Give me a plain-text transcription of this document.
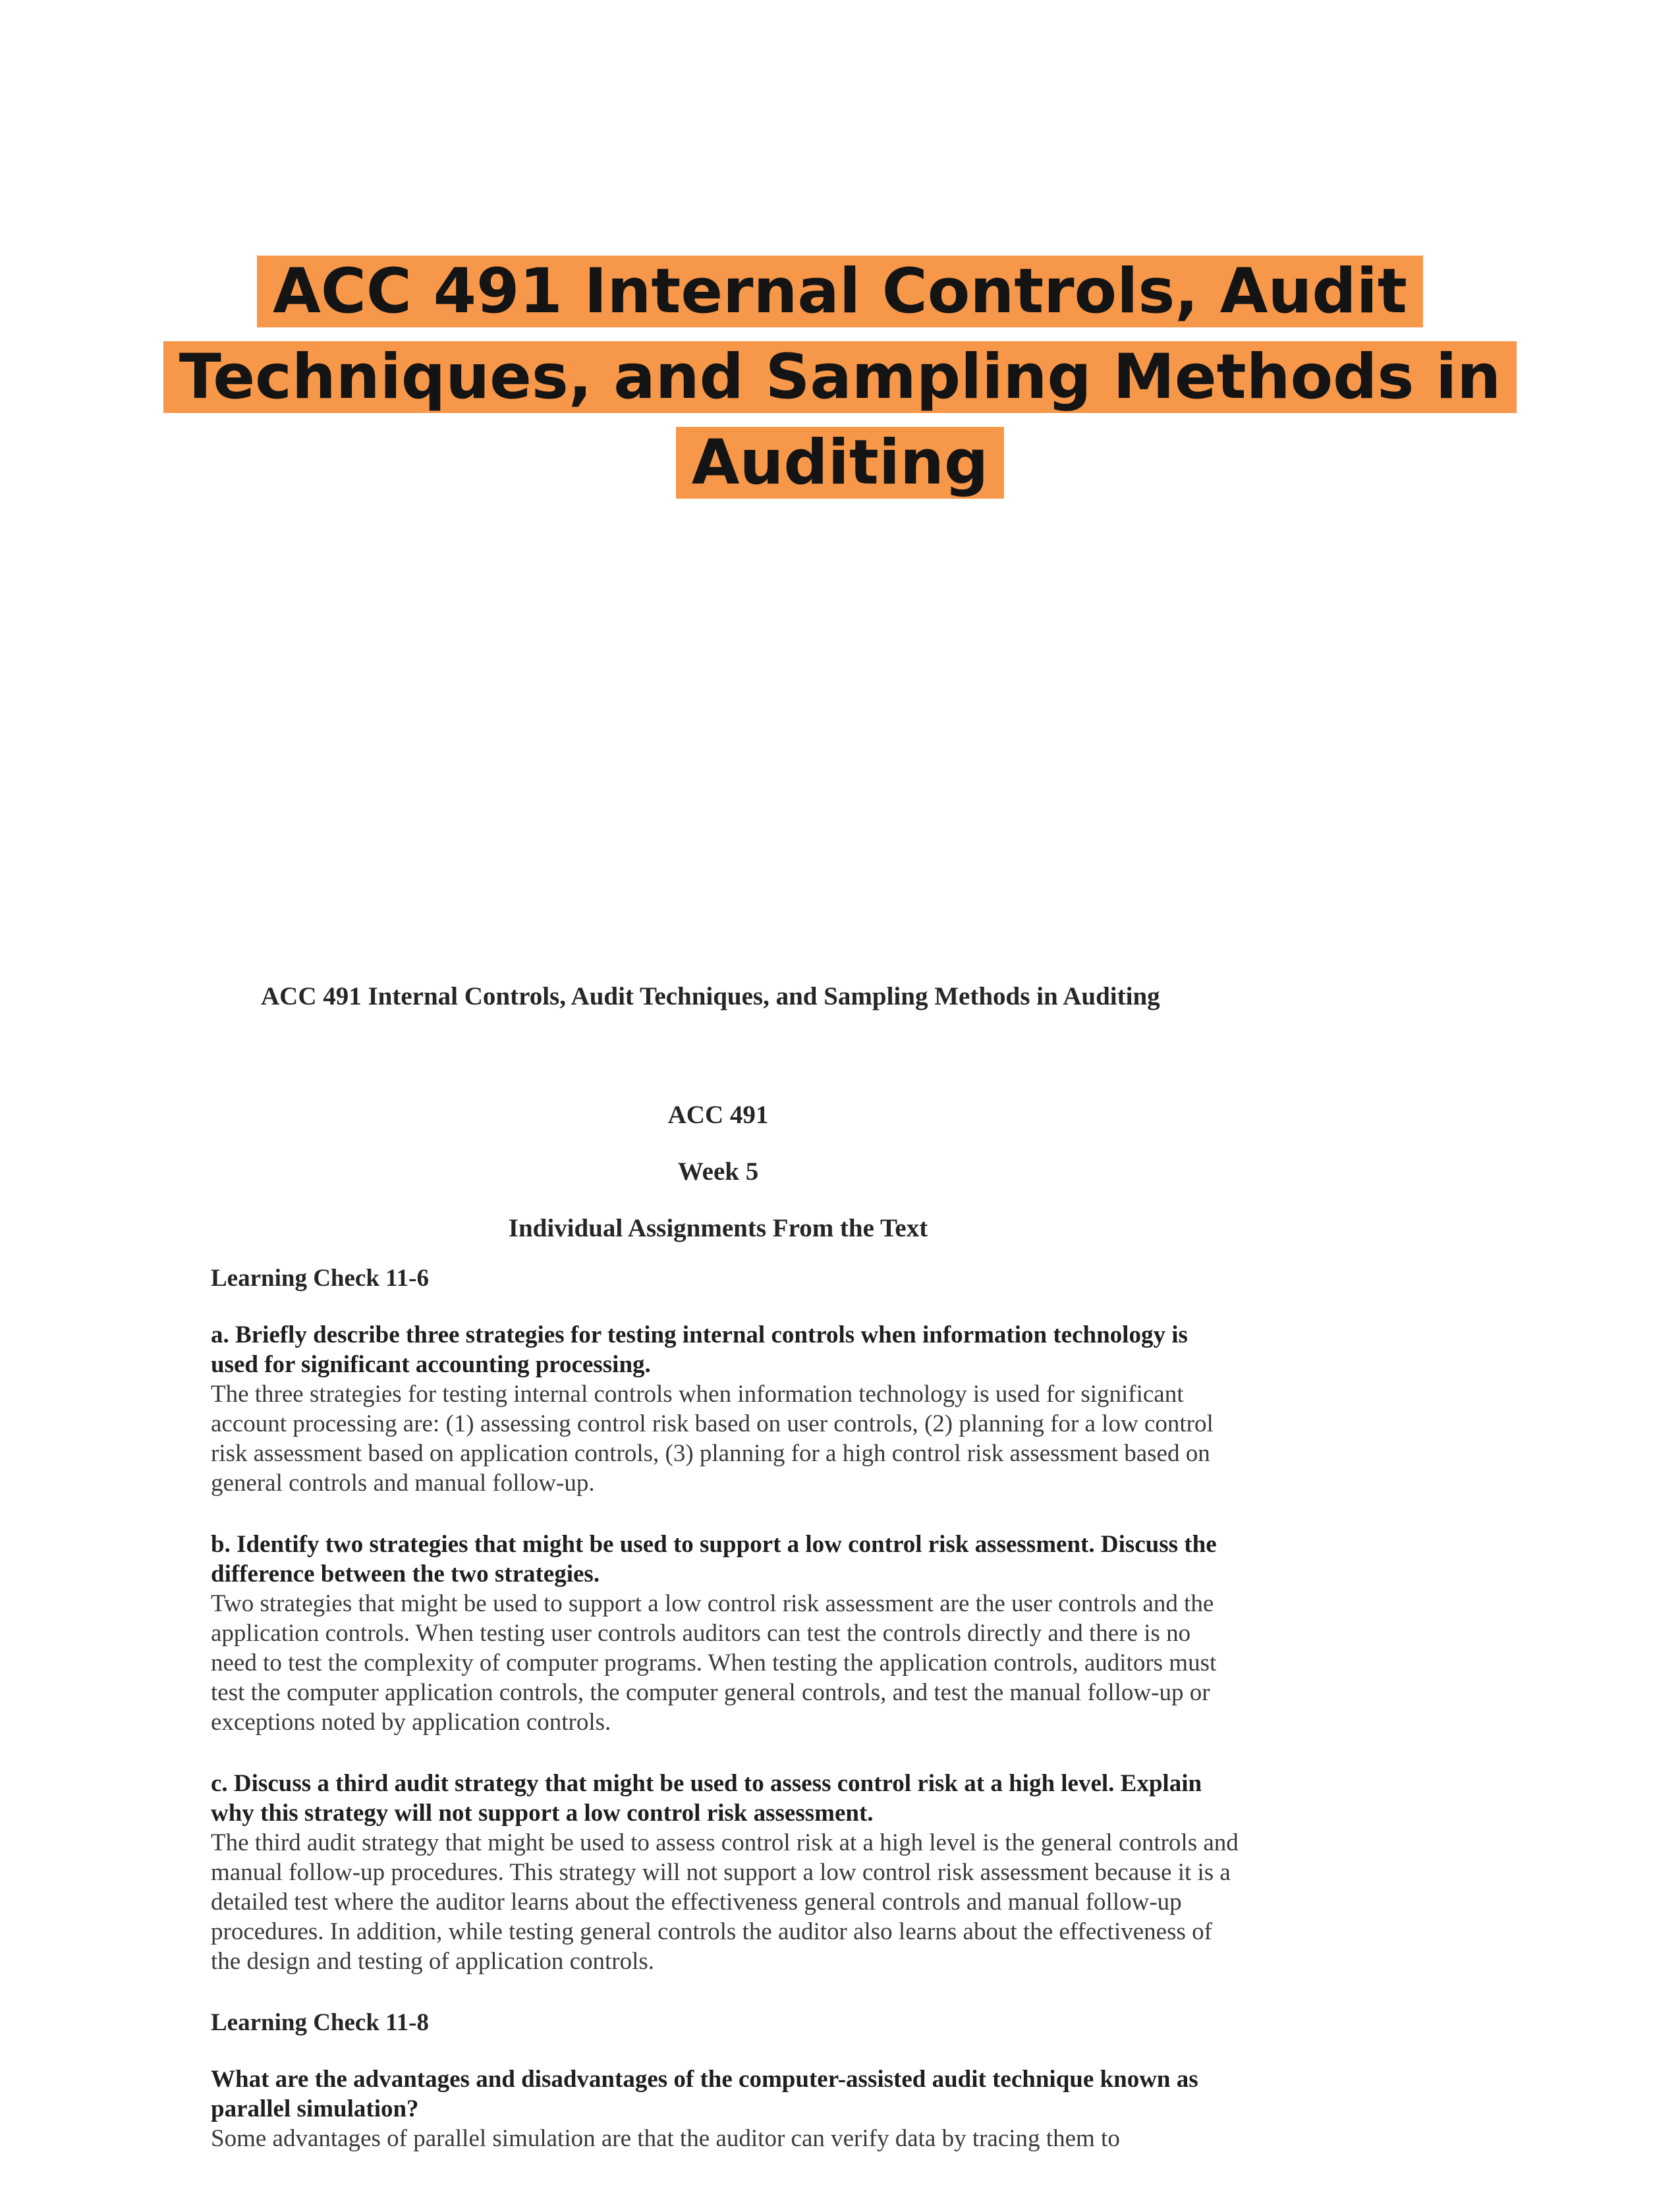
ACC 491 Internal Controls, Audit
Techniques, and Sampling Methods in
Auditing

ACC 491 Internal Controls, Audit Techniques, and Sampling Methods in Auditing

ACC 491

Week 5

Individual Assignments From the Text

Learning Check 11-6

a. Briefly describe three strategies for testing internal controls when information technology is used for significant accounting processing.

The three strategies for testing internal controls when information technology is used for significant account processing are: (1) assessing control risk based on user controls, (2) planning for a low control risk assessment based on application controls, (3) planning for a high control risk assessment based on general controls and manual follow-up.

b. Identify two strategies that might be used to support a low control risk assessment. Discuss the difference between the two strategies.

Two strategies that might be used to support a low control risk assessment are the user controls and the application controls. When testing user controls auditors can test the controls directly and there is no need to test the complexity of computer programs. When testing the application controls, auditors must test the computer application controls, the computer general controls, and test the manual follow-up or exceptions noted by application controls.

c. Discuss a third audit strategy that might be used to assess control risk at a high level. Explain why this strategy will not support a low control risk assessment.

The third audit strategy that might be used to assess control risk at a high level is the general controls and manual follow-up procedures. This strategy will not support a low control risk assessment because it is a detailed test where the auditor learns about the effectiveness general controls and manual follow-up procedures. In addition, while testing general controls the auditor also learns about the effectiveness of the design and testing of application controls.

Learning Check 11-8

What are the advantages and disadvantages of the computer-assisted audit technique known as parallel simulation?

Some advantages of parallel simulation are that the auditor can verify data by tracing them to
